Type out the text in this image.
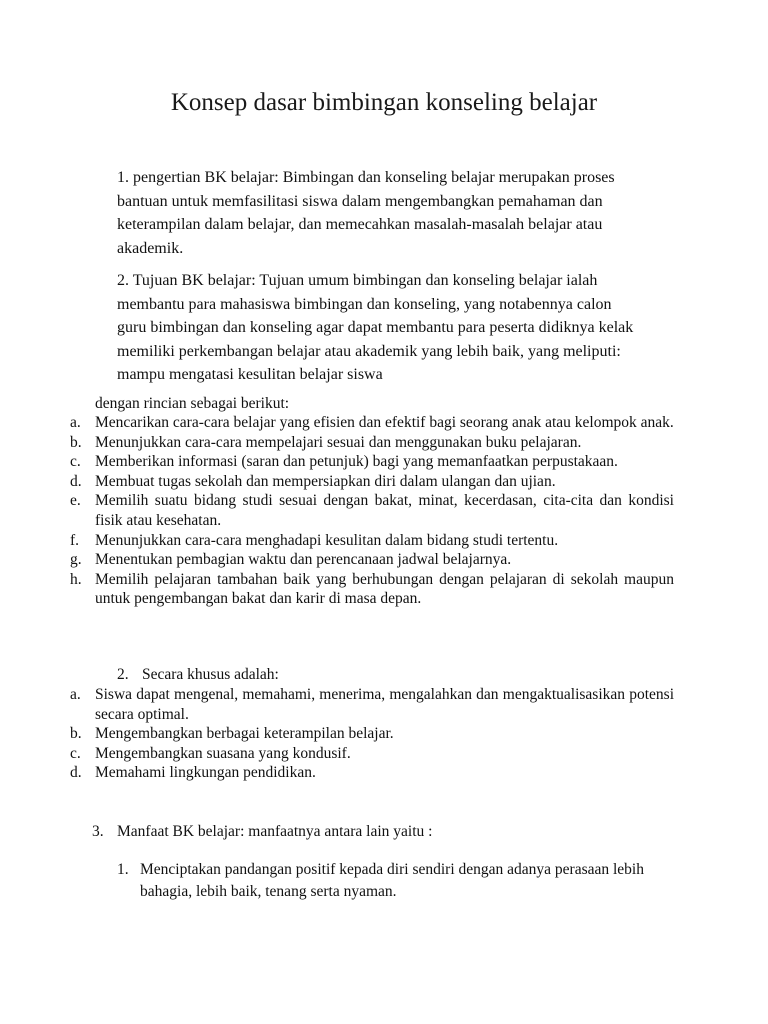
Konsep dasar bimbingan konseling belajar

1. pengertian BK belajar: Bimbingan dan konseling belajar merupakan proses bantuan untuk memfasilitasi siswa dalam mengembangkan pemahaman dan keterampilan dalam belajar, dan memecahkan masalah-masalah belajar atau akademik.

2. Tujuan BK belajar: Tujuan umum bimbingan dan konseling belajar ialah membantu para mahasiswa bimbingan dan konseling, yang notabennya calon guru bimbingan dan konseling agar dapat membantu para peserta didiknya kelak memiliki perkembangan belajar atau akademik yang lebih baik, yang meliputi: mampu mengatasi kesulitan belajar siswa

dengan rincian sebagai berikut:
a. Mencarikan cara-cara belajar yang efisien dan efektif bagi seorang anak atau kelompok anak.
b. Menunjukkan cara-cara mempelajari sesuai dan menggunakan buku pelajaran.
c. Memberikan informasi (saran dan petunjuk) bagi yang memanfaatkan perpustakaan.
d. Membuat tugas sekolah dan mempersiapkan diri dalam ulangan dan ujian.
e. Memilih suatu bidang studi sesuai dengan bakat, minat, kecerdasan, cita-cita dan kondisi fisik atau kesehatan.
f. Menunjukkan cara-cara menghadapi kesulitan dalam bidang studi tertentu.
g. Menentukan pembagian waktu dan perencanaan jadwal belajarnya.
h. Memilih pelajaran tambahan baik yang berhubungan dengan pelajaran di sekolah maupun untuk pengembangan bakat dan karir di masa depan.
2. Secara khusus adalah:
a. Siswa dapat mengenal, memahami, menerima, mengalahkan dan mengaktualisasikan potensi secara optimal.
b. Mengembangkan berbagai keterampilan belajar.
c. Mengembangkan suasana yang kondusif.
d. Memahami lingkungan pendidikan.
3. Manfaat BK belajar: manfaatnya antara lain yaitu :
1. Menciptakan pandangan positif kepada diri sendiri dengan adanya perasaan lebih bahagia, lebih baik, tenang serta nyaman.
